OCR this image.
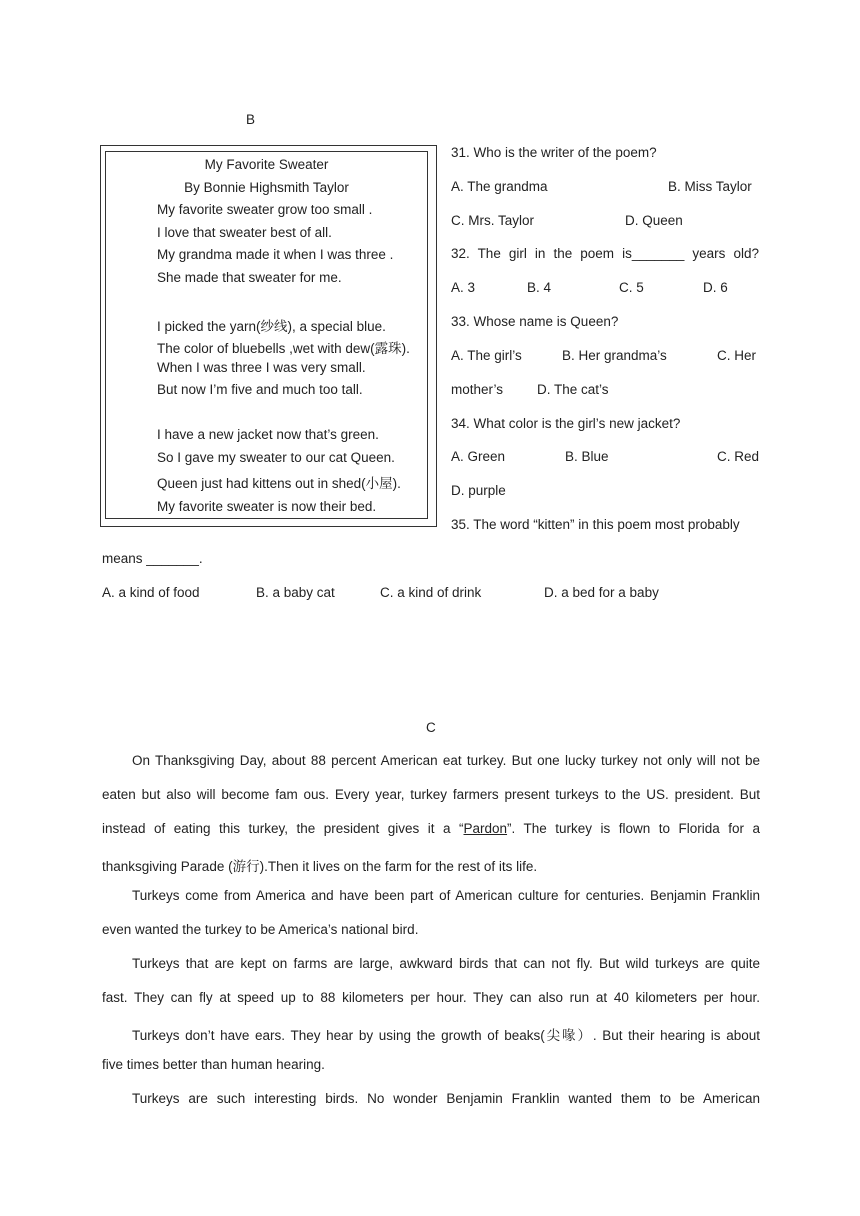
B
My Favorite Sweater
By Bonnie Highsmith Taylor
My favorite sweater grow too small .
I love that sweater best of all.
My grandma made it when I was three .
She made that sweater for me.
I picked the yarn(纱线), a special blue.
The color of bluebells ,wet with dew(露珠).
When I was three I was very small.
But now I’m five and much too tall.
I have a new jacket now that’s green.
So I gave my sweater to our cat Queen.
Queen just had kittens out in shed(小屋).
My favorite sweater is now their bed.
31. Who is the writer of the poem?
A. The grandma	B. Miss Taylor
C. Mrs. Taylor	D. Queen
32. The girl in the poem is_______ years old?
A. 3	B. 4	C. 5	D. 6
33. Whose name is Queen?
A. The girl’s	B. Her grandma’s	C. Her
mother’s	D. The cat’s
34. What color is the girl’s new jacket?
A. Green	B. Blue	C. Red
D. purple
35. The word “kitten” in this poem most probably
means _______.
A. a kind of food	B. a baby cat	C. a kind of drink	D. a bed for a baby
C
On Thanksgiving Day, about 88 percent American eat turkey. But one lucky turkey not only will not be
eaten but also will become fam ous. Every year, turkey farmers present turkeys to the US. president. But
instead of eating this turkey, the president gives it a “Pardon”. The turkey is flown to Florida for a
thanksgiving Parade (游行).Then it lives on the farm for the rest of its life.
Turkeys come from America and have been part of American culture for centuries. Benjamin Franklin
even wanted the turkey to be America’s national bird.
Turkeys that are kept on farms are large, awkward birds that can not fly. But wild turkeys are quite
fast. They can fly at speed up to 88 kilometers per hour. They can also run at 40 kilometers per hour.
Turkeys don’t have ears. They hear by using the growth of beaks(尖喙）. But their hearing is about
five times better than human hearing.
Turkeys are such interesting birds. No wonder Benjamin Franklin wanted them to be American
